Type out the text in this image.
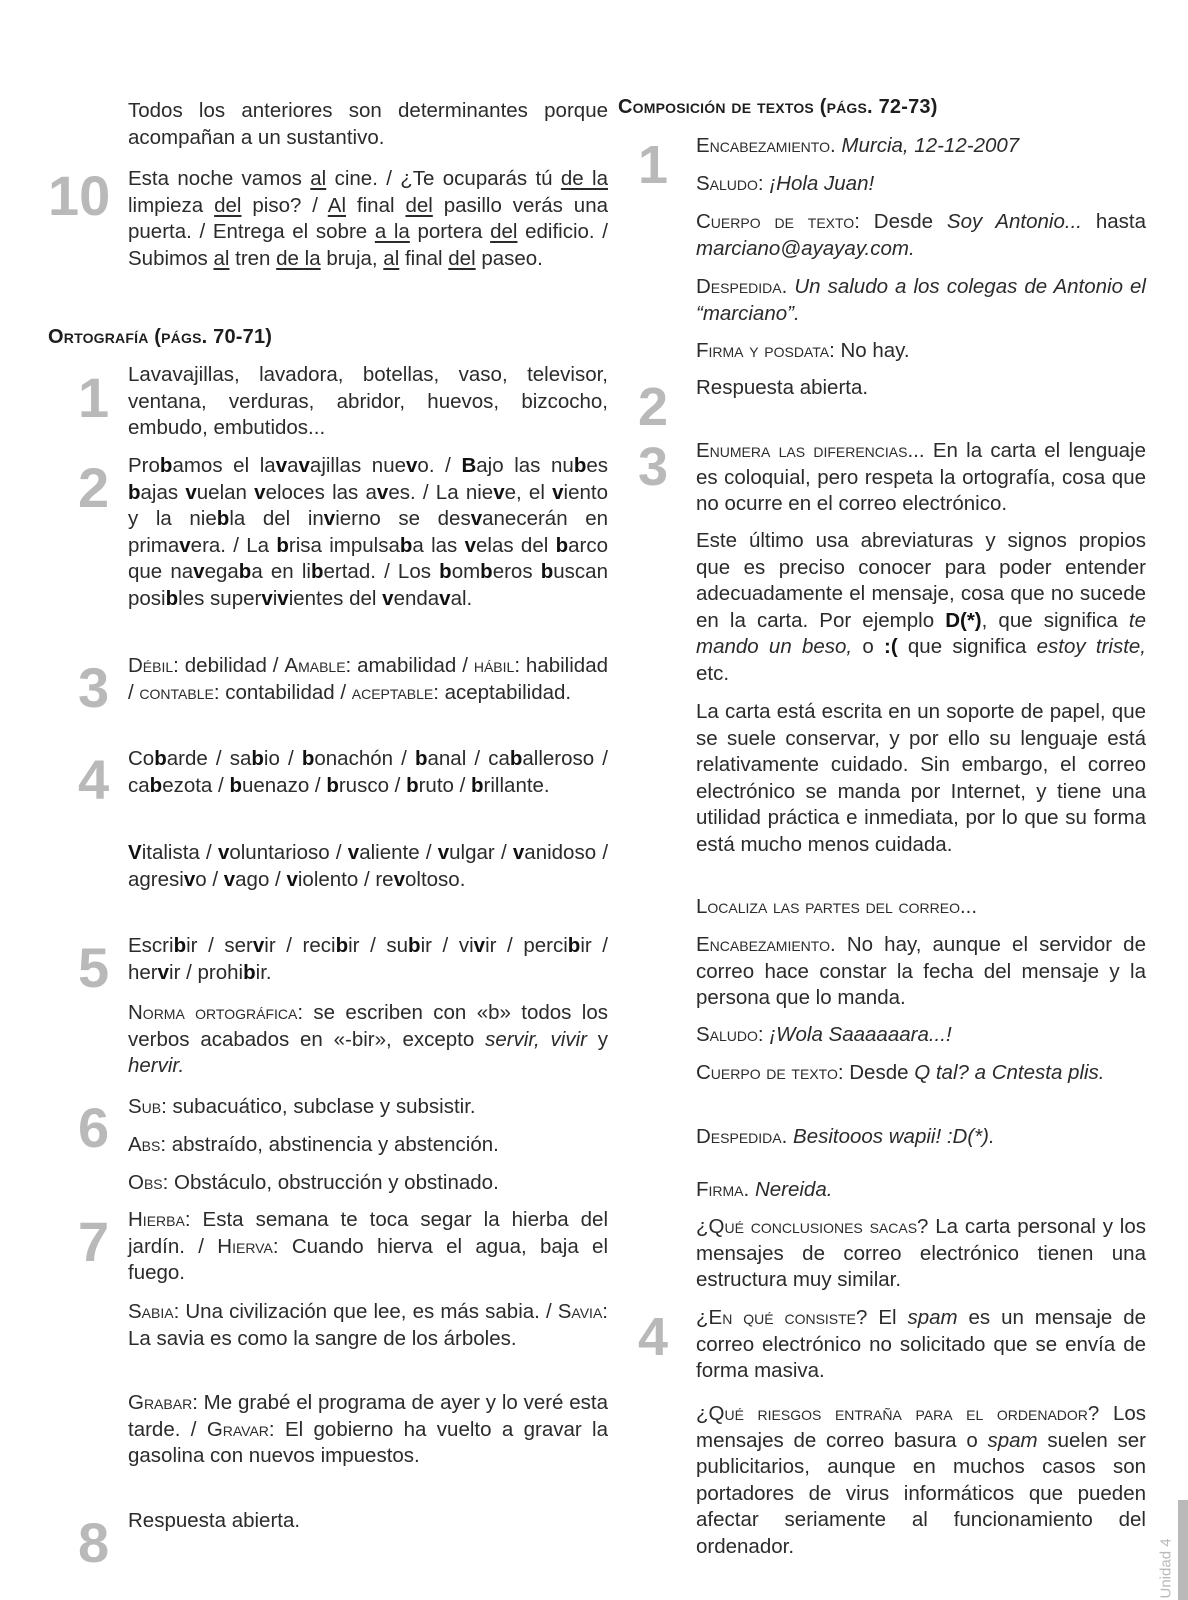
Todos los anteriores son determinantes porque acompañan a un sustantivo.

10 Esta noche vamos al cine. / ¿Te ocuparás tú de la limpieza del piso? / Al final del pasillo verás una puerta. / Entrega el sobre a la portera del edificio. / Subimos al tren de la bruja, al final del paseo.

Ortografía (págs. 70-71)
1 Lavavajillas, lavadora, botellas, vaso, televisor, ventana, verduras, abridor, huevos, bizcocho, embudo, embutidos...

2 Probamos el lavavajillas nuevo. / Bajo las nubes bajas vuelan veloces las aves. / La nieve, el viento y la niebla del invierno se desvanecerán en primavera. / La brisa impulsaba las velas del barco que navegaba en libertad. / Los bomberos buscan posibles supervivientes del vendaval.

3 Débil: debilidad / Amable: amabilidad / hábil: habilidad / contable: contabilidad / aceptable: aceptabilidad.

4 Cobarde / sabio / bonachón / banal / caballeroso / cabezota / buenazo / brusco / bruto / brillante.

Vitalista / voluntarioso / valiente / vulgar / vanidoso / agresivo / vago / violento / revoltoso.

5 Escribir / servir / recibir / subir / vivir / percibir / hervir / prohibir.

Norma ortográfica: se escriben con «b» todos los verbos acabados en «-bir», excepto servir, vivir y hervir.

6 Sub: subacuático, subclase y subsistir.

Abs: abstraído, abstinencia y abstención.

Obs: Obstáculo, obstrucción y obstinado.

7 Hierba: Esta semana te toca segar la hierba del jardín. / Hierva: Cuando hierva el agua, baja el fuego.

Sabia: Una civilización que lee, es más sabia. / Savia: La savia es como la sangre de los árboles.

Grabar: Me grabé el programa de ayer y lo veré esta tarde. / Gravar: El gobierno ha vuelto a gravar la gasolina con nuevos impuestos.

8 Respuesta abierta.

Composición de textos (págs. 72-73)
1 Encabezamiento. Murcia, 12-12-2007

Saludo: ¡Hola Juan!

Cuerpo de texto: Desde Soy Antonio... hasta marciano@ayayay.com.

Despedida. Un saludo a los colegas de Antonio el “marciano”.

Firma y posdata: No hay.

2 Respuesta abierta.

3 Enumera las diferencias... En la carta el lenguaje es coloquial, pero respeta la ortografía, cosa que no ocurre en el correo electrónico.

Este último usa abreviaturas y signos propios que es preciso conocer para poder entender adecuadamente el mensaje, cosa que no sucede en la carta. Por ejemplo D(*), que significa te mando un beso, o :( que significa estoy triste, etc.

La carta está escrita en un soporte de papel, que se suele conservar, y por ello su lenguaje está relativamente cuidado. Sin embargo, el correo electrónico se manda por Internet, y tiene una utilidad práctica e inmediata, por lo que su forma está mucho menos cuidada.

Localiza las partes del correo...

Encabezamiento. No hay, aunque el servidor de correo hace constar la fecha del mensaje y la persona que lo manda.

Saludo: ¡Wola Saaaaaara...!

Cuerpo de texto: Desde Q tal? a Cntesta plis.

Despedida. Besitooos wapii! :D(*).

Firma. Nereida.

¿Qué conclusiones sacas? La carta personal y los mensajes de correo electrónico tienen una estructura muy similar.

4 ¿En qué consiste? El spam es un mensaje de correo electrónico no solicitado que se envía de forma masiva.

¿Qué riesgos entraña para el ordenador? Los mensajes de correo basura o spam suelen ser publicitarios, aunque en muchos casos son portadores de virus informáticos que pueden afectar seriamente al funcionamiento del ordenador.	Unidad 4
